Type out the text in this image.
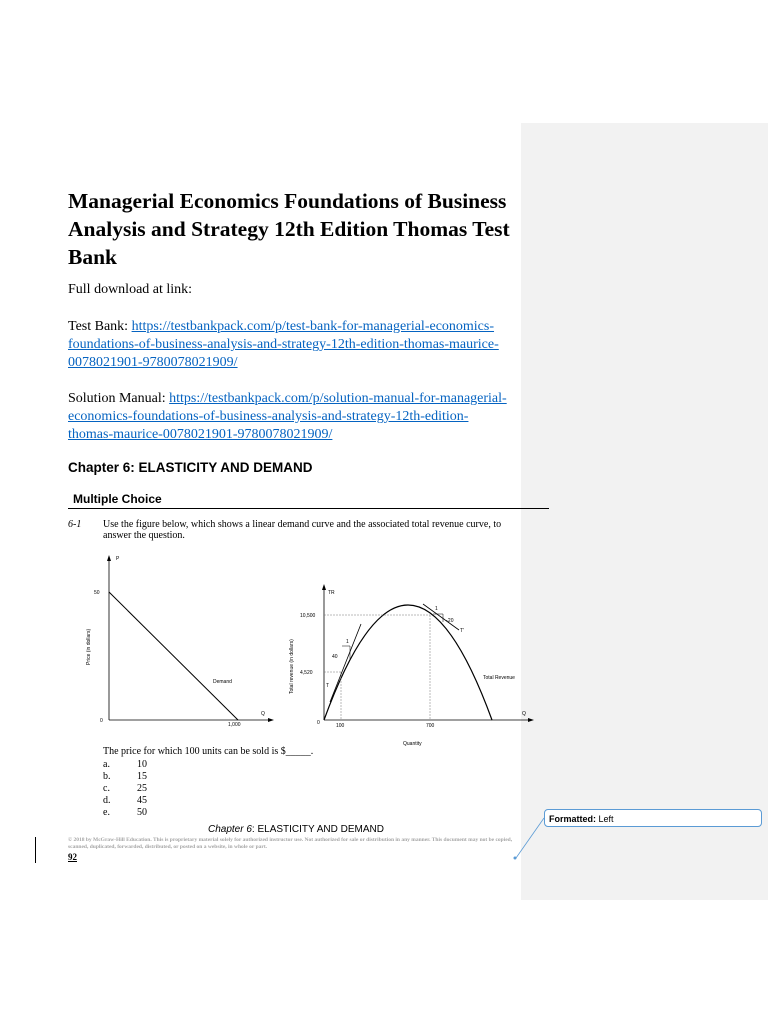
Formatted: Left
Managerial Economics Foundations of Business Analysis and Strategy 12th Edition Thomas Test Bank
Full download at link:
Test Bank: https://testbankpack.com/p/test-bank-for-managerial-economics-foundations-of-business-analysis-and-strategy-12th-edition-thomas-maurice-0078021901-9780078021909/
Solution Manual: https://testbankpack.com/p/solution-manual-for-managerial-economics-foundations-of-business-analysis-and-strategy-12th-edition-thomas-maurice-0078021901-9780078021909/
Chapter 6: ELASTICITY AND DEMAND
Multiple Choice
6-1 Use the figure below, which shows a linear demand curve and the associated total revenue curve, to answer the question.
P
50
Price (in dollars)
Demand
0
1,000
Q
TR
10,500
4,520
Total revenue (in dollars)	1
40
T
1
−20
T'
Total Revenue
0	100	700
Q
Quantity
The price for which 100 units can be sold is $_____.
a.	10
b.	15
c.	25
d.	45
e.	50
Chapter 6: ELASTICITY AND DEMAND
© 2018 by McGraw-Hill Education. This is proprietary material solely for authorized instructor use. Not authorized for sale or distribution in any manner. This document may not be copied, scanned, duplicated, forwarded, distributed, or posted on a website, in whole or part.
92
